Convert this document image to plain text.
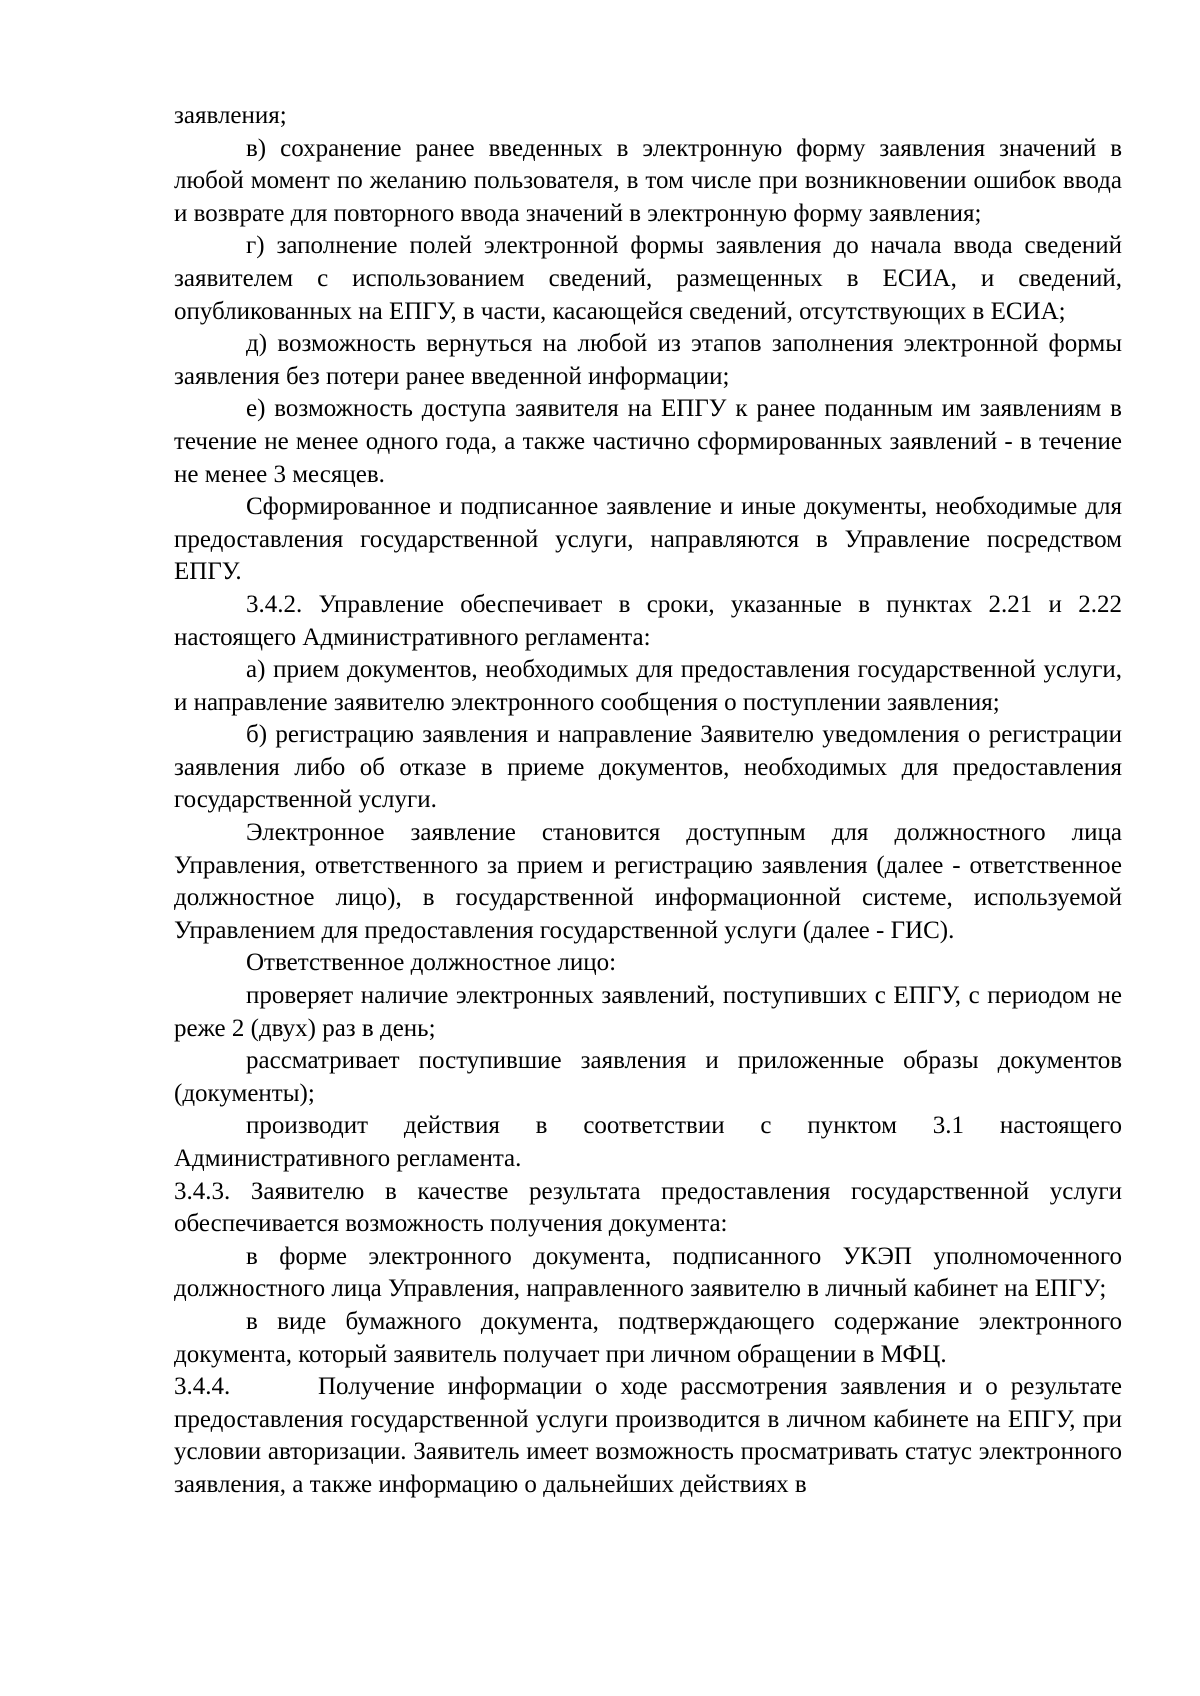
заявления;

в) сохранение ранее введенных в электронную форму заявления значений в любой момент по желанию пользователя, в том числе при возникновении ошибок ввода и возврате для повторного ввода значений в электронную форму заявления;

г) заполнение полей электронной формы заявления до начала ввода сведений заявителем с использованием сведений, размещенных в ЕСИА, и сведений, опубликованных на ЕПГУ, в части, касающейся сведений, отсутствующих в ЕСИА;

д) возможность вернуться на любой из этапов заполнения электронной формы заявления без потери ранее введенной информации;

е) возможность доступа заявителя на ЕПГУ к ранее поданным им заявлениям в течение не менее одного года, а также частично сформированных заявлений - в течение не менее 3 месяцев.

Сформированное и подписанное заявление и иные документы, необходимые для предоставления государственной услуги, направляются в Управление посредством ЕПГУ.

3.4.2. Управление обеспечивает в сроки, указанные в пунктах 2.21 и 2.22 настоящего Административного регламента:

а) прием документов, необходимых для предоставления государственной услуги, и направление заявителю электронного сообщения о поступлении заявления;

б) регистрацию заявления и направление Заявителю уведомления о регистрации заявления либо об отказе в приеме документов, необходимых для предоставления государственной услуги.

Электронное заявление становится доступным для должностного лица Управления, ответственного за прием и регистрацию заявления (далее - ответственное должностное лицо), в государственной информационной системе, используемой Управлением для предоставления государственной услуги (далее - ГИС).

Ответственное должностное лицо:

проверяет наличие электронных заявлений, поступивших с ЕПГУ, с периодом не реже 2 (двух) раз в день;

рассматривает поступившие заявления и приложенные образы документов (документы);

производит действия в соответствии с пунктом 3.1 настоящего Административного регламента.

3.4.3. Заявителю в качестве результата предоставления государственной услуги обеспечивается возможность получения документа:

в форме электронного документа, подписанного УКЭП уполномоченного должностного лица Управления, направленного заявителю в личный кабинет на ЕПГУ;

в виде бумажного документа, подтверждающего содержание электронного документа, который заявитель получает при личном обращении в МФЦ.

3.4.4.	Получение информации о ходе рассмотрения заявления и о результате предоставления государственной услуги производится в личном кабинете на ЕПГУ, при условии авторизации. Заявитель имеет возможность просматривать статус электронного заявления, а также информацию о дальнейших действиях в
